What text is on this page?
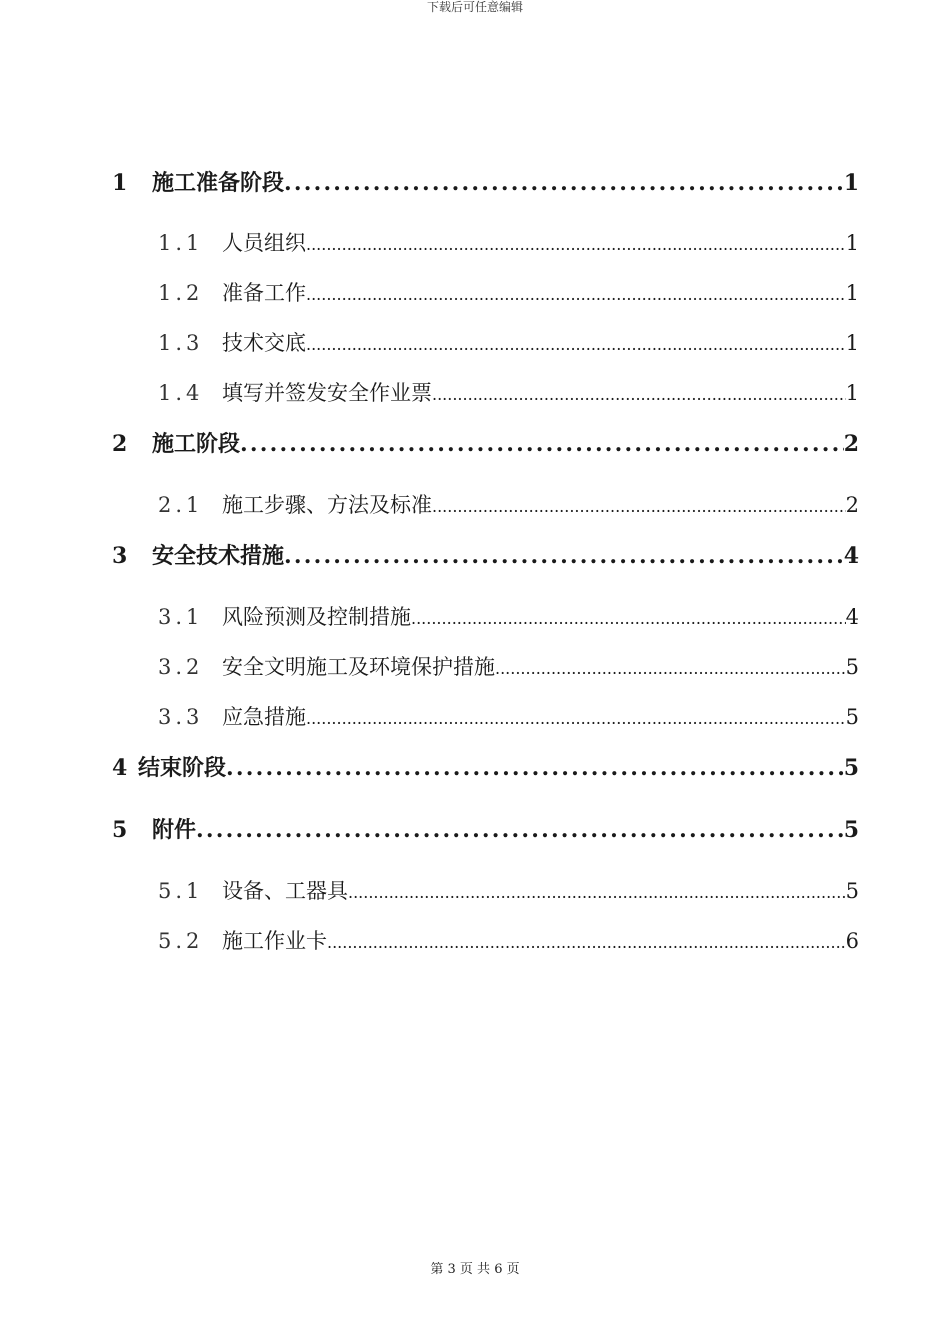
下载后可任意编辑
1	施工准备阶段 .....	1
1.1 人员组织 .....	1
1.2 准备工作 .....	1
1.3 技术交底 .....	1
1.4 填写并签发安全作业票 .....	1
2	施工阶段 .....	2
2.1 施工步骤、方法及标准 .....	2
3	安全技术措施 .....	4
3.1 风险预测及控制措施 .....	4
3.2 安全文明施工及环境保护措施 .....	5
3.3 应急措施 .....	5
4 结束阶段 .....	5
5	附件 .....	5
5.1 设备、工器具 .....	5
5.2 施工作业卡 .....	6
第 3 页 共 6 页
